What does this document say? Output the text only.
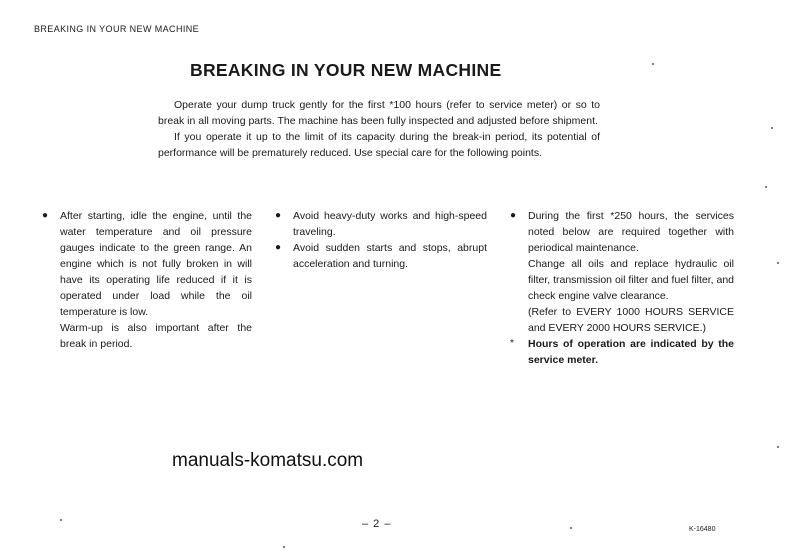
BREAKING IN YOUR NEW MACHINE
BREAKING IN YOUR NEW MACHINE

Operate your dump truck gently for the first *100 hours (refer to service meter) or so to break in all moving parts. The machine has been fully inspected and adjusted before shipment.

If you operate it up to the limit of its capacity during the break-in period, its potential of performance will be prematurely reduced. Use special care for the following points.

● After starting, idle the engine, until the water temperature and oil pressure gauges indicate to the green range. An engine which is not fully broken in will have its operating life reduced if it is operated under load while the oil temperature is low.

Warm-up is also important after the break in period.

● Avoid heavy-duty works and high-speed traveling.

● Avoid sudden starts and stops, abrupt acceleration and turning.

● During the first *250 hours, the services noted below are required together with periodical maintenance.

Change all oils and replace hydraulic oil filter, transmission oil filter and fuel filter, and check engine valve clearance.

(Refer to EVERY 1000 HOURS SERVICE and EVERY 2000 HOURS SERVICE.)

* Hours of operation are indicated by the service meter.

manuals-komatsu.com
– 2 –	K-16480
